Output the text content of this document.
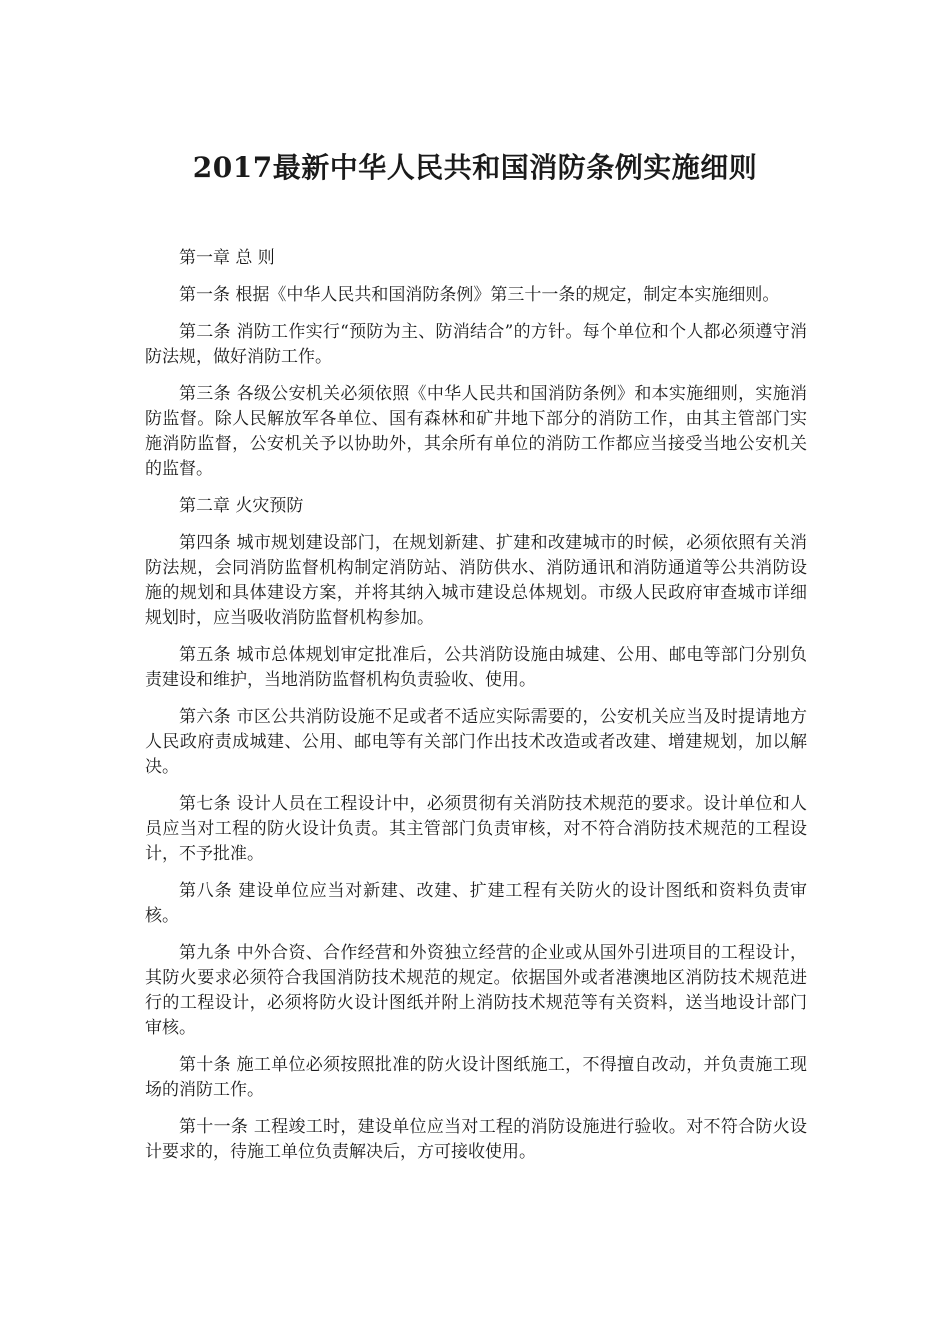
2017最新中华人民共和国消防条例实施细则

第一章 总 则

第一条 根据《中华人民共和国消防条例》第三十一条的规定，制定本实施细则。

第二条 消防工作实行“预防为主、防消结合”的方针。每个单位和个人都必须遵守消防法规，做好消防工作。

第三条 各级公安机关必须依照《中华人民共和国消防条例》和本实施细则，实施消防监督。除人民解放军各单位、国有森林和矿井地下部分的消防工作，由其主管部门实施消防监督，公安机关予以协助外，其余所有单位的消防工作都应当接受当地公安机关的监督。

第二章 火灾预防

第四条 城市规划建设部门，在规划新建、扩建和改建城市的时候，必须依照有关消防法规，会同消防监督机构制定消防站、消防供水、消防通讯和消防通道等公共消防设施的规划和具体建设方案，并将其纳入城市建设总体规划。市级人民政府审查城市详细规划时，应当吸收消防监督机构参加。

第五条 城市总体规划审定批准后，公共消防设施由城建、公用、邮电等部门分别负责建设和维护，当地消防监督机构负责验收、使用。

第六条 市区公共消防设施不足或者不适应实际需要的，公安机关应当及时提请地方人民政府责成城建、公用、邮电等有关部门作出技术改造或者改建、增建规划，加以解决。

第七条 设计人员在工程设计中，必须贯彻有关消防技术规范的要求。设计单位和人员应当对工程的防火设计负责。其主管部门负责审核，对不符合消防技术规范的工程设计，不予批准。

第八条 建设单位应当对新建、改建、扩建工程有关防火的设计图纸和资料负责审核。

第九条 中外合资、合作经营和外资独立经营的企业或从国外引进项目的工程设计，其防火要求必须符合我国消防技术规范的规定。依据国外或者港澳地区消防技术规范进行的工程设计，必须将防火设计图纸并附上消防技术规范等有关资料，送当地设计部门审核。

第十条 施工单位必须按照批准的防火设计图纸施工，不得擅自改动，并负责施工现场的消防工作。

第十一条 工程竣工时，建设单位应当对工程的消防设施进行验收。对不符合防火设计要求的，待施工单位负责解决后，方可接收使用。
